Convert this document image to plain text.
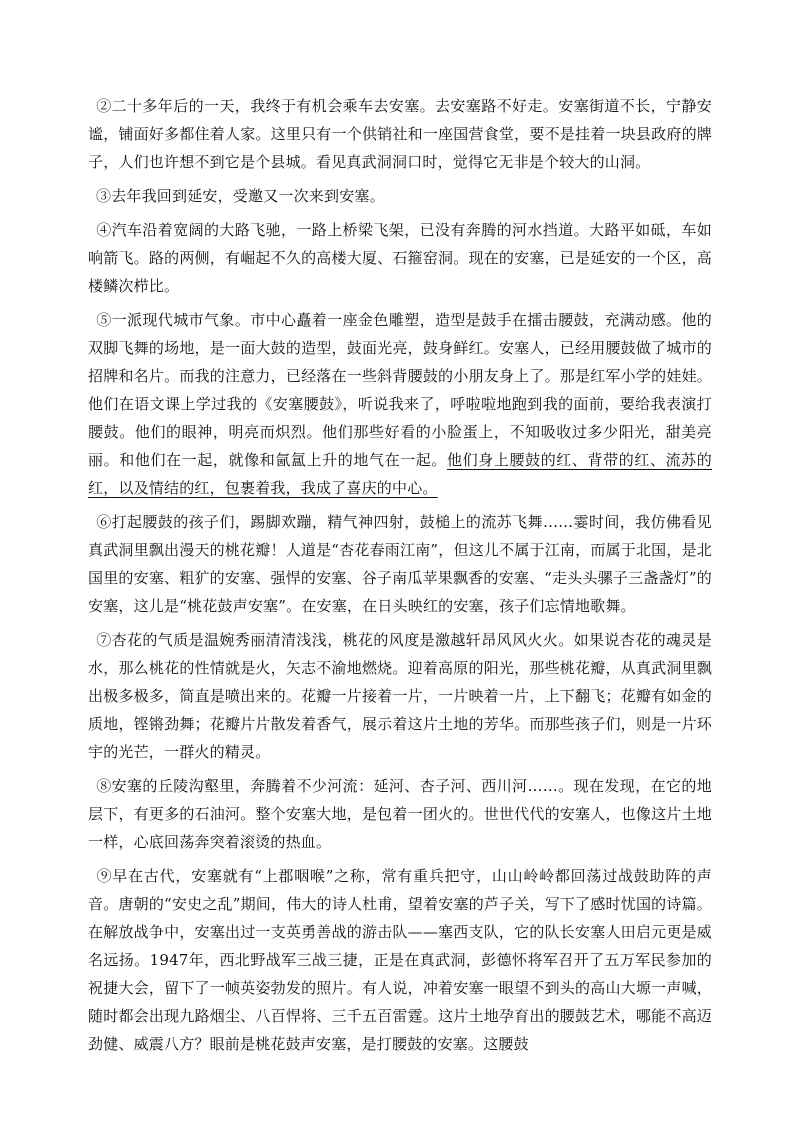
②二十多年后的一天，我终于有机会乘车去安塞。去安塞路不好走。安塞街道不长，宁静安谧，铺面好多都住着人家。这里只有一个供销社和一座国营食堂，要不是挂着一块县政府的牌子，人们也许想不到它是个县城。看见真武洞洞口时，觉得它无非是个较大的山洞。

③去年我回到延安，受邀又一次来到安塞。

④汽车沿着宽阔的大路飞驰，一路上桥梁飞架，已没有奔腾的河水挡道。大路平如砥，车如响箭飞。路的两侧，有崛起不久的高楼大厦、石箍窑洞。现在的安塞，已是延安的一个区，高楼鳞次栉比。

⑤一派现代城市气象。市中心矗着一座金色雕塑，造型是鼓手在擂击腰鼓，充满动感。他的双脚飞舞的场地，是一面大鼓的造型，鼓面光亮，鼓身鲜红。安塞人，已经用腰鼓做了城市的招牌和名片。而我的注意力，已经落在一些斜背腰鼓的小朋友身上了。那是红军小学的娃娃。他们在语文课上学过我的《安塞腰鼓》，听说我来了，呼啦啦地跑到我的面前，要给我表演打腰鼓。他们的眼神，明亮而炽烈。他们那些好看的小脸蛋上，不知吸收过多少阳光，甜美亮丽。和他们在一起，就像和氤氲上升的地气在一起。他们身上腰鼓的红、背带的红、流苏的红，以及情结的红，包裹着我，我成了喜庆的中心。

⑥打起腰鼓的孩子们，踢脚欢蹦，精气神四射，鼓槌上的流苏飞舞……霎时间，我仿佛看见真武洞里飘出漫天的桃花瓣！人道是“杏花春雨江南”，但这儿不属于江南，而属于北国，是北国里的安塞、粗犷的安塞、强悍的安塞、谷子南瓜苹果飘香的安塞、“走头头骡子三盏盏灯”的安塞，这儿是“桃花鼓声安塞”。在安塞，在日头映红的安塞，孩子们忘情地歌舞。

⑦杏花的气质是温婉秀丽清清浅浅，桃花的风度是激越轩昂风风火火。如果说杏花的魂灵是水，那么桃花的性情就是火，矢志不渝地燃烧。迎着高原的阳光，那些桃花瓣，从真武洞里飘出极多极多，简直是喷出来的。花瓣一片接着一片，一片映着一片，上下翻飞；花瓣有如金的质地，铿锵劲舞；花瓣片片散发着香气，展示着这片土地的芳华。而那些孩子们，则是一片环宇的光芒，一群火的精灵。

⑧安塞的丘陵沟壑里，奔腾着不少河流：延河、杏子河、西川河……。现在发现，在它的地层下，有更多的石油河。整个安塞大地，是包着一团火的。世世代代的安塞人，也像这片土地一样，心底回荡奔突着滚烫的热血。

⑨早在古代，安塞就有“上郡咽喉”之称，常有重兵把守，山山岭岭都回荡过战鼓助阵的声音。唐朝的“安史之乱”期间，伟大的诗人杜甫，望着安塞的芦子关，写下了感时忧国的诗篇。在解放战争中，安塞出过一支英勇善战的游击队——塞西支队，它的队长安塞人田启元更是威名远扬。1947年，西北野战军三战三捷，正是在真武洞，彭德怀将军召开了五万军民参加的祝捷大会，留下了一帧英姿勃发的照片。有人说，冲着安塞一眼望不到头的高山大塬一声喊，随时都会出现九路烟尘、八百悍将、三千五百雷霆。这片土地孕育出的腰鼓艺术，哪能不高迈劲健、威震八方？眼前是桃花鼓声安塞，是打腰鼓的安塞。这腰鼓
